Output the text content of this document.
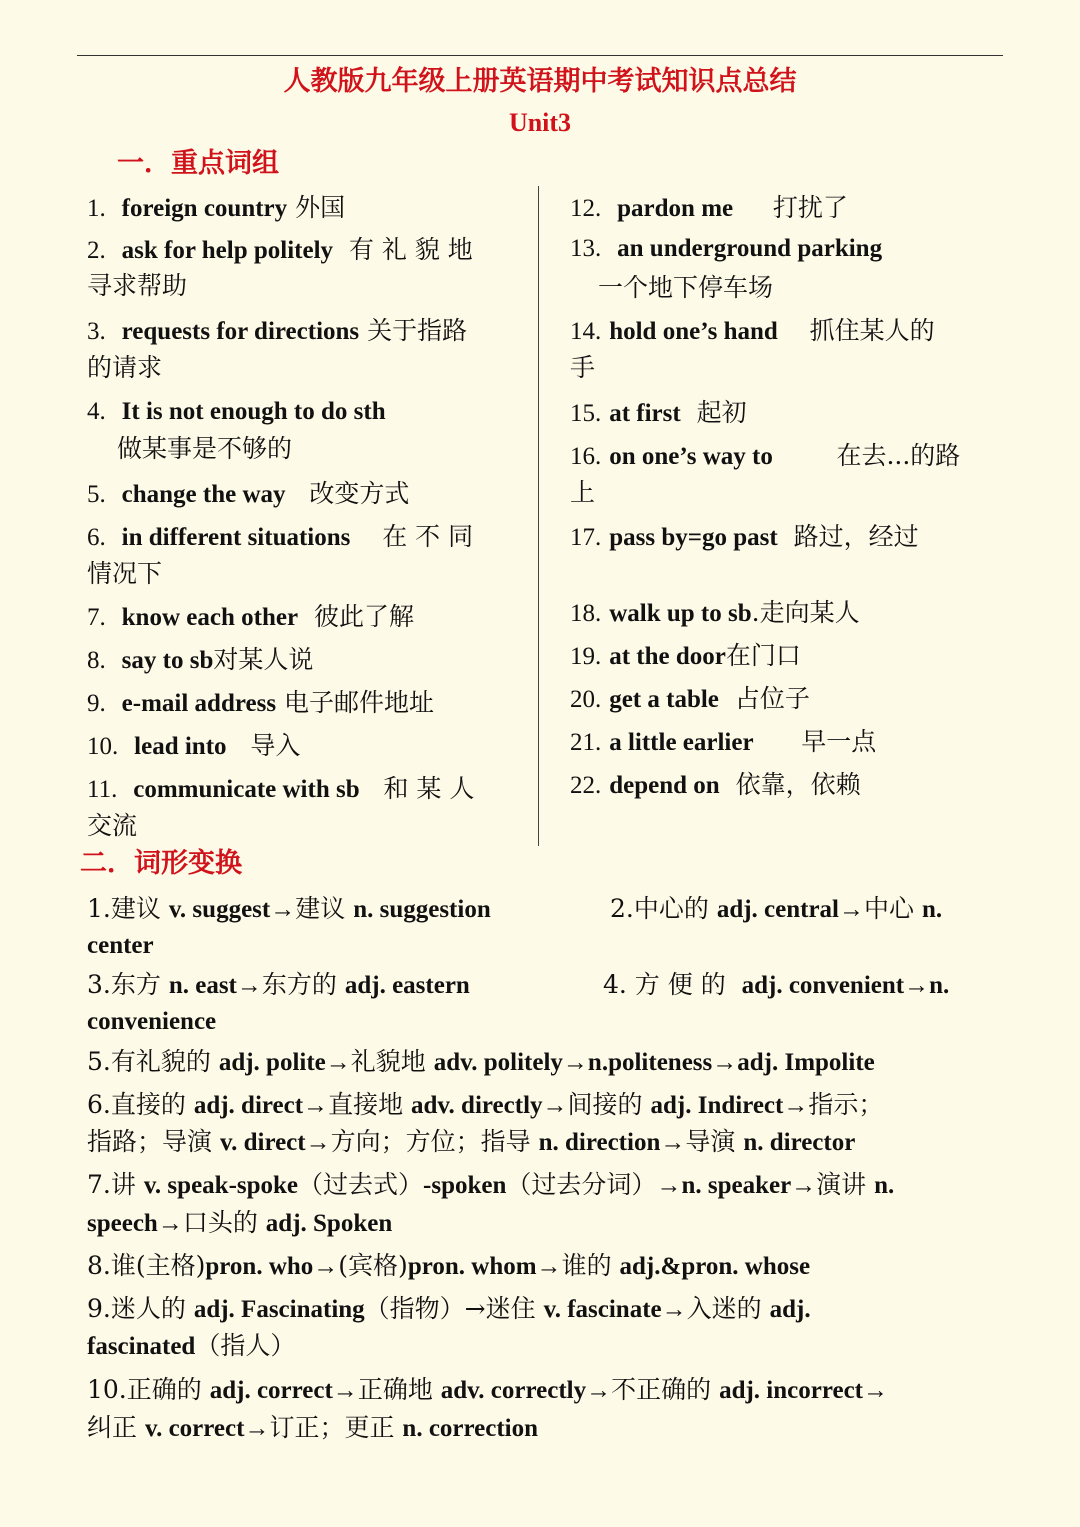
人教版九年级上册英语期中考试知识点总结
Unit3
一．重点词组
1. foreign country 外国
2. ask for help politely 有 礼 貌 地
寻求帮助
3. requests for directions 关于指路
的请求
4. It is not enough to do sth
做某事是不够的
5. change the way 改变方式
6. in different situations 在 不 同
情况下
7. know each other 彼此了解
8. say to sb对某人说
9. e-mail address 电子邮件地址
10. lead into 导入
11. communicate with sb 和 某 人
交流
12. pardon me 打扰了
13. an underground parking
一个地下停车场
14. hold one’s hand 抓住某人的
手
15. at first 起初
16. on one’s way to	在去...的路
上
17. pass by=go past 路过，经过
18. walk up to sb.走向某人
19. at the door在门口
20. get a table 占位子
21. a little earlier 早一点
22. depend on 依靠，依赖
二．词形变换
1.建议 v. suggest→建议 n. suggestion	2.中心的 adj. central→中心 n.
center
3.东方 n. east→东方的 adj. eastern	4. 方 便 的 adj. convenient→n.
convenience
5.有礼貌的 adj. polite→礼貌地 adv. politely→n.politeness→adj. Impolite
6.直接的 adj. direct→直接地 adv. directly→间接的 adj. Indirect→指示；
指路；导演 v. direct→方向；方位；指导 n. direction→导演 n. director
7.讲 v. speak-spoke（过去式）-spoken（过去分词）→n. speaker→演讲 n.
speech→口头的 adj. Spoken
8.谁(主格)pron. who→(宾格)pron. whom→谁的 adj.&pron. whose
9.迷人的 adj. Fascinating（指物）→迷住 v. fascinate→入迷的 adj.
fascinated（指人）
10.正确的 adj. correct→正确地 adv. correctly→不正确的 adj. incorrect→
纠正 v. correct→订正；更正 n. correction
